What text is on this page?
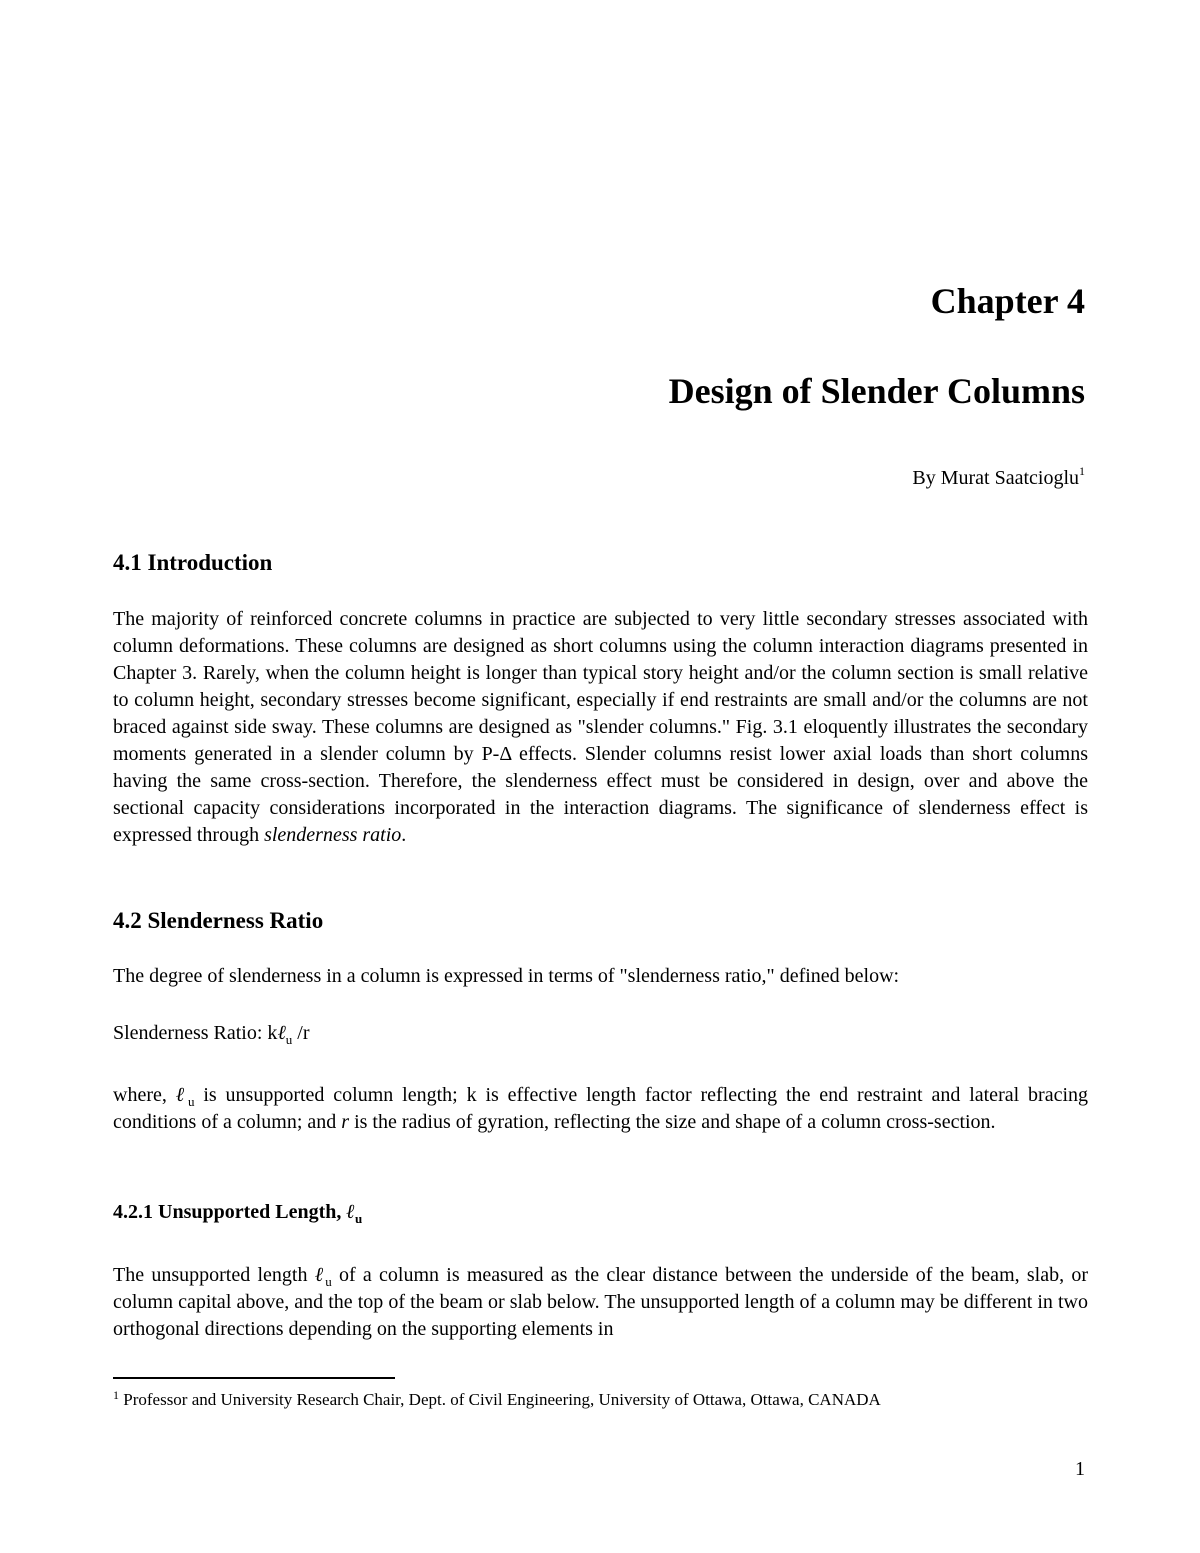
Chapter 4
Design of Slender Columns

By Murat Saatcioglu$^1$

4.1 Introduction

The majority of reinforced concrete columns in practice are subjected to very little secondary stresses associated with column deformations. These columns are designed as short columns using the column interaction diagrams presented in Chapter 3. Rarely, when the column height is longer than typical story height and/or the column section is small relative to column height, secondary stresses become significant, especially if end restraints are small and/or the columns are not braced against side sway. These columns are designed as "slender columns." Fig. 3.1 eloquently illustrates the secondary moments generated in a slender column by P-Δ effects. Slender columns resist lower axial loads than short columns having the same cross-section. Therefore, the slenderness effect must be considered in design, over and above the sectional capacity considerations incorporated in the interaction diagrams. The significance of slenderness effect is expressed through slenderness ratio.

4.2 Slenderness Ratio

The degree of slenderness in a column is expressed in terms of "slenderness ratio," defined below:

Slenderness Ratio: kℓ$_u$ /r

where, ℓ$_u$ is unsupported column length; k is effective length factor reflecting the end restraint and lateral bracing conditions of a column; and r is the radius of gyration, reflecting the size and shape of a column cross-section.

4.2.1 Unsupported Length, ℓ$_u$

The unsupported length ℓ$_u$ of a column is measured as the clear distance between the underside of the beam, slab, or column capital above, and the top of the beam or slab below. The unsupported length of a column may be different in two orthogonal directions depending on the supporting elements in

$^1$ Professor and University Research Chair, Dept. of Civil Engineering, University of Ottawa, Ottawa, CANADA

1
